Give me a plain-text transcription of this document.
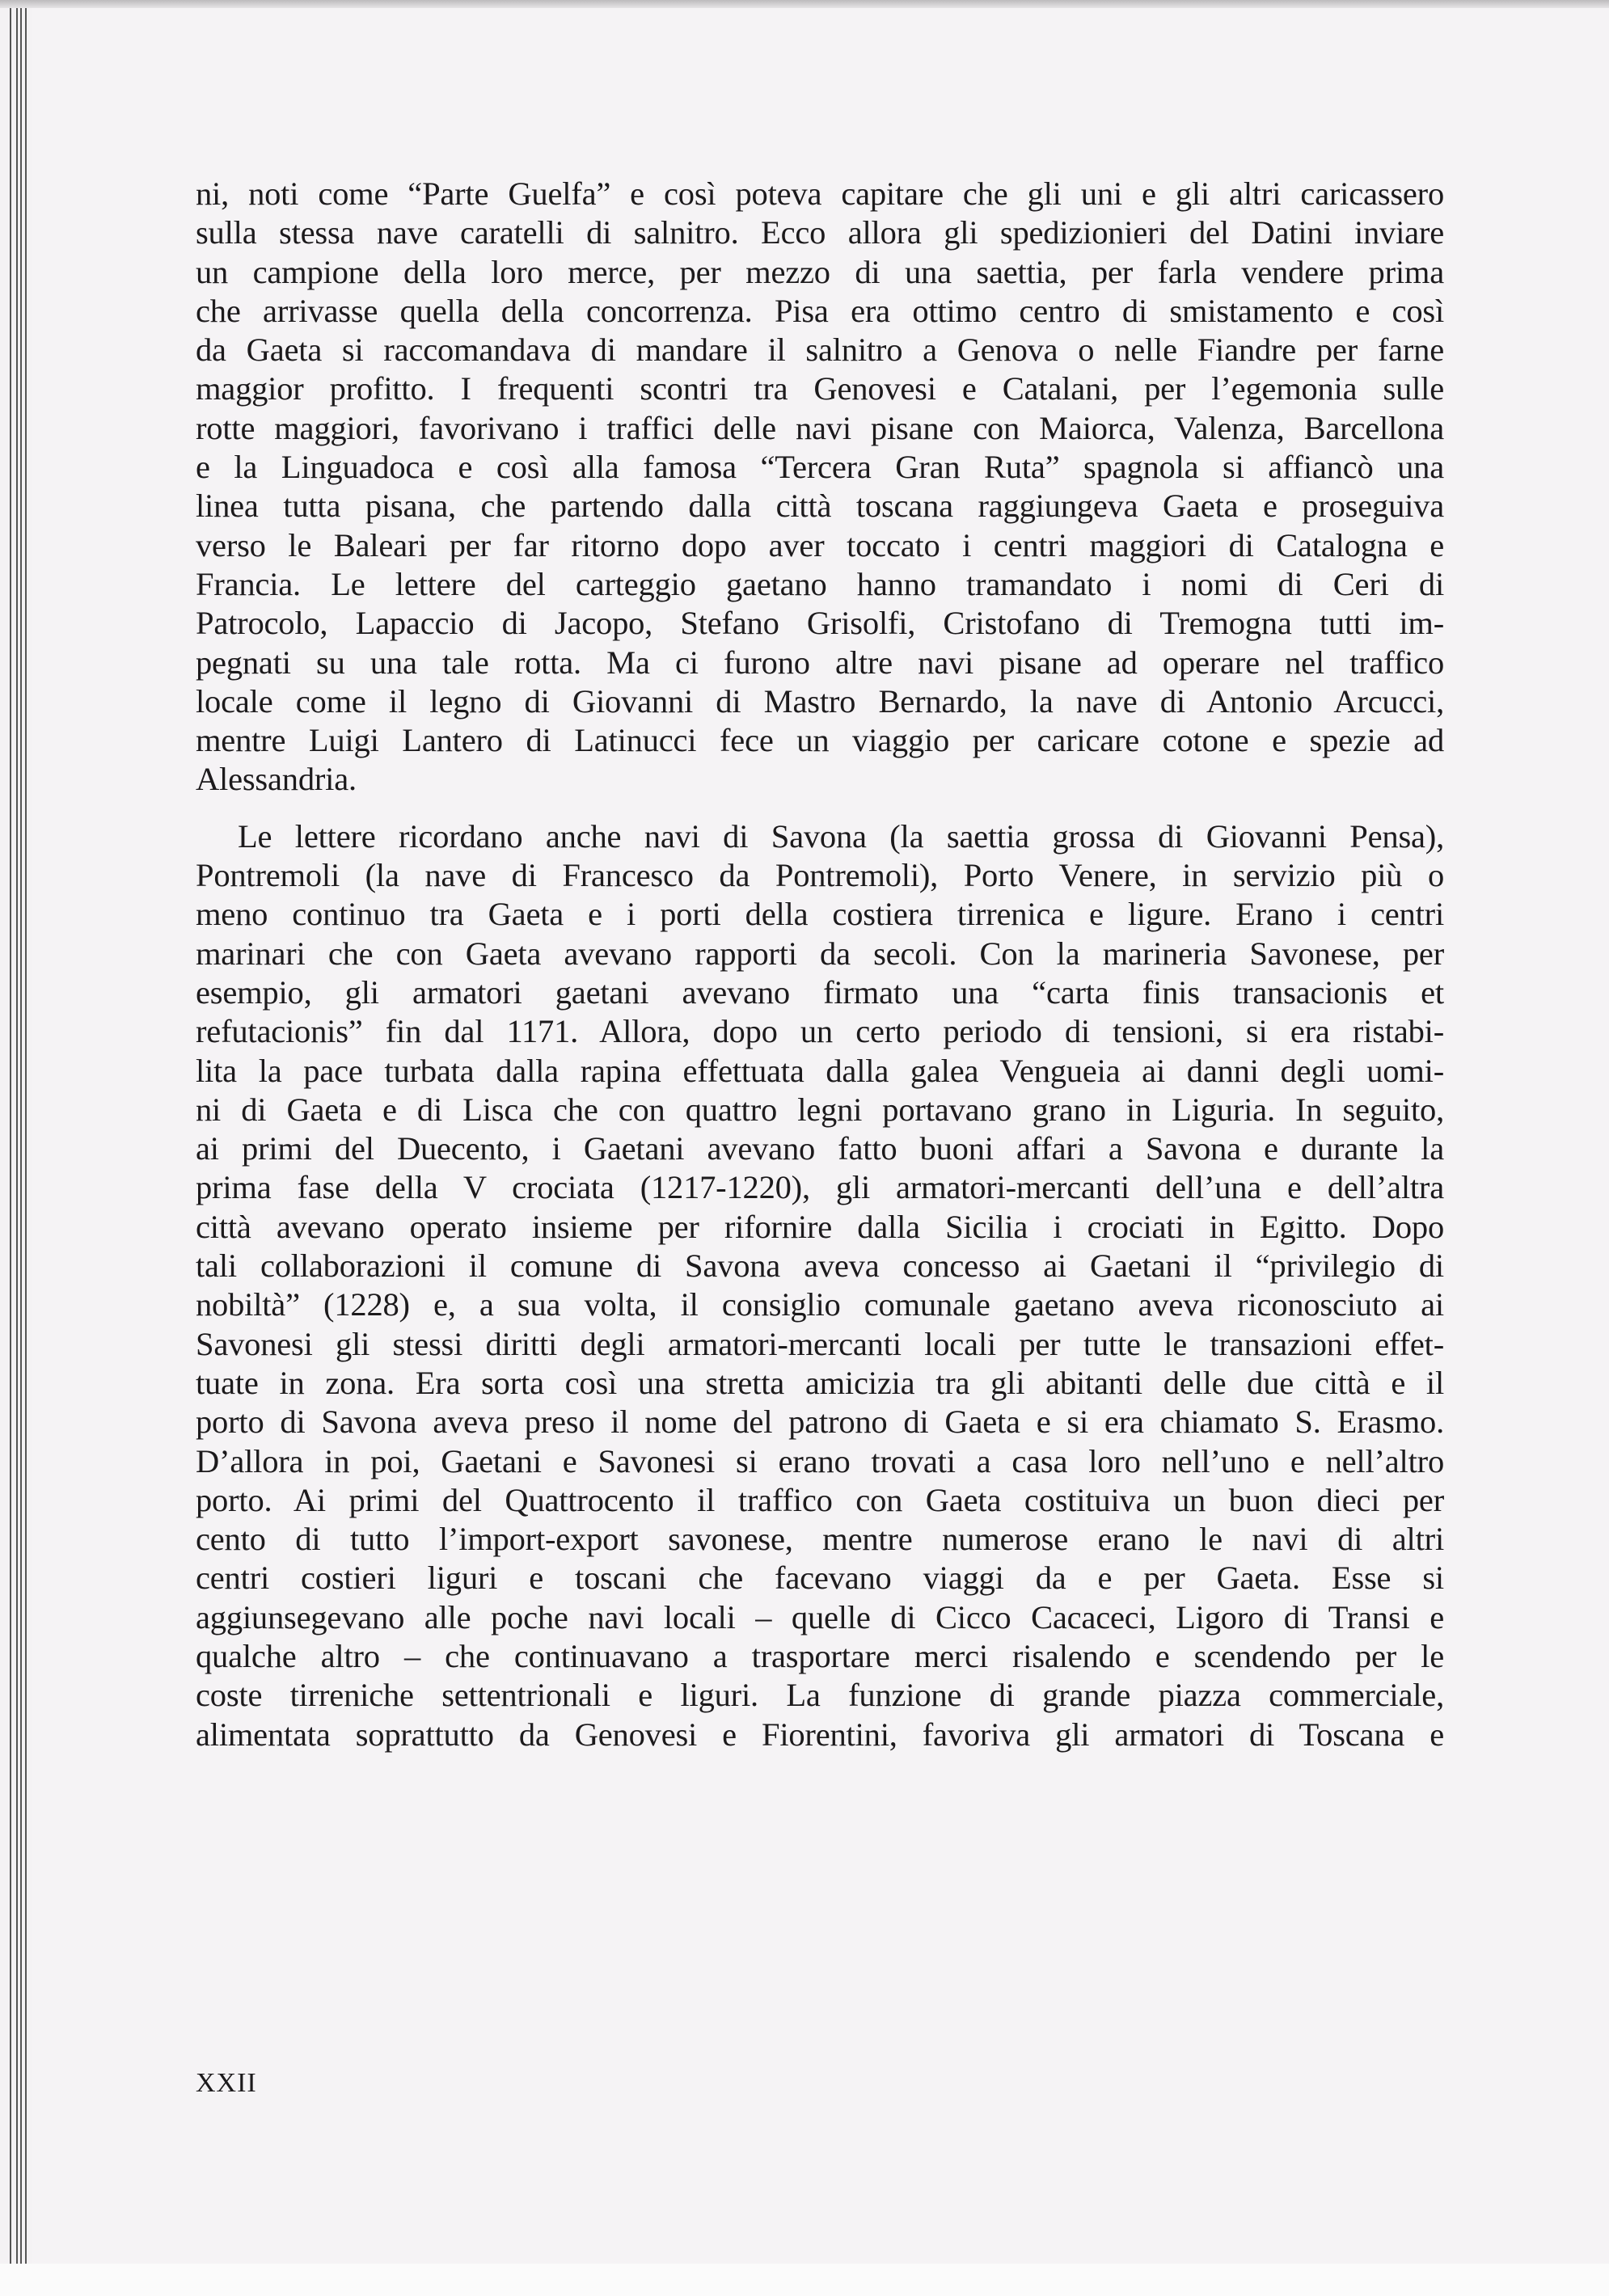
ni, noti come “Parte Guelfa” e così poteva capitare che gli uni e gli altri caricassero
sulla stessa nave caratelli di salnitro. Ecco allora gli spedizionieri del Datini inviare
un campione della loro merce, per mezzo di una saettia, per farla vendere prima
che arrivasse quella della concorrenza. Pisa era ottimo centro di smistamento e così
da Gaeta si raccomandava di mandare il salnitro a Genova o nelle Fiandre per farne
maggior profitto. I frequenti scontri tra Genovesi e Catalani, per l’egemonia sulle
rotte maggiori, favorivano i traffici delle navi pisane con Maiorca, Valenza, Barcellona
e la Linguadoca e così alla famosa “Tercera Gran Ruta” spagnola si affiancò una
linea tutta pisana, che partendo dalla città toscana raggiungeva Gaeta e proseguiva
verso le Baleari per far ritorno dopo aver toccato i centri maggiori di Catalogna e
Francia. Le lettere del carteggio gaetano hanno tramandato i nomi di Ceri di
Patrocolo, Lapaccio di Jacopo, Stefano Grisolfi, Cristofano di Tremogna tutti im-
pegnati su una tale rotta. Ma ci furono altre navi pisane ad operare nel traffico
locale come il legno di Giovanni di Mastro Bernardo, la nave di Antonio Arcucci,
mentre Luigi Lantero di Latinucci fece un viaggio per caricare cotone e spezie ad
Alessandria.
Le lettere ricordano anche navi di Savona (la saettia grossa di Giovanni Pensa),
Pontremoli (la nave di Francesco da Pontremoli), Porto Venere, in servizio più o
meno continuo tra Gaeta e i porti della costiera tirrenica e ligure. Erano i centri
marinari che con Gaeta avevano rapporti da secoli. Con la marineria Savonese, per
esempio, gli armatori gaetani avevano firmato una “carta finis transacionis et
refutacionis” fin dal 1171. Allora, dopo un certo periodo di tensioni, si era ristabi-
lita la pace turbata dalla rapina effettuata dalla galea Vengueia ai danni degli uomi-
ni di Gaeta e di Lisca che con quattro legni portavano grano in Liguria. In seguito,
ai primi del Duecento, i Gaetani avevano fatto buoni affari a Savona e durante la
prima fase della V crociata (1217-1220), gli armatori-mercanti dell’una e dell’altra
città avevano operato insieme per rifornire dalla Sicilia i crociati in Egitto. Dopo
tali collaborazioni il comune di Savona aveva concesso ai Gaetani il “privilegio di
nobiltà” (1228) e, a sua volta, il consiglio comunale gaetano aveva riconosciuto ai
Savonesi gli stessi diritti degli armatori-mercanti locali per tutte le transazioni effet-
tuate in zona. Era sorta così una stretta amicizia tra gli abitanti delle due città e il
porto di Savona aveva preso il nome del patrono di Gaeta e si era chiamato S. Erasmo.
D’allora in poi, Gaetani e Savonesi si erano trovati a casa loro nell’uno e nell’altro
porto. Ai primi del Quattrocento il traffico con Gaeta costituiva un buon dieci per
cento di tutto l’import-export savonese, mentre numerose erano le navi di altri
centri costieri liguri e toscani che facevano viaggi da e per Gaeta. Esse si
aggiunsegevano alle poche navi locali – quelle di Cicco Cacaceci, Ligoro di Transi e
qualche altro – che continuavano a trasportare merci risalendo e scendendo per le
coste tirreniche settentrionali e liguri. La funzione di grande piazza commerciale,
alimentata soprattutto da Genovesi e Fiorentini, favoriva gli armatori di Toscana e
XXII
